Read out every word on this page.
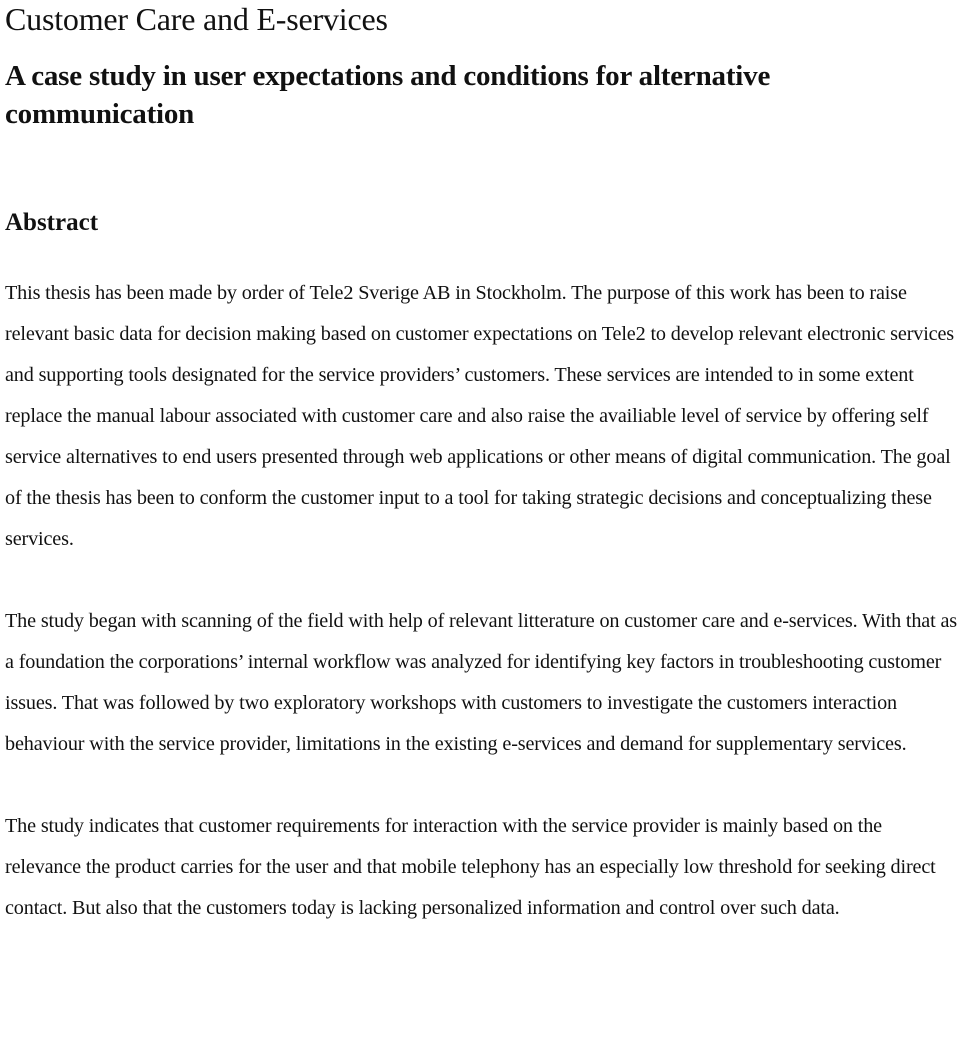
Customer Care and E-services
A case study in user expectations and conditions for alternative communication
Abstract

This thesis has been made by order of Tele2 Sverige AB in Stockholm. The purpose of this work has been to raise relevant basic data for decision making based on customer expectations on Tele2 to develop relevant electronic services and supporting tools designated for the service providers’ customers. These services are intended to in some extent replace the manual labour associated with customer care and also raise the availiable level of service by offering self service alternatives to end users presented through web applications or other means of digital communication. The goal of the thesis has been to conform the customer input to a tool for taking strategic decisions and conceptualizing these services.

The study began with scanning of the field with help of relevant litterature on customer care and e-services. With that as a foundation the corporations’ internal workflow was analyzed for identifying key factors in troubleshooting customer issues. That was followed by two exploratory workshops with customers to investigate the customers interaction behaviour with the service provider, limitations in the existing e-services and demand for supplementary services.

The study indicates that customer requirements for interaction with the service provider is mainly based on the relevance the product carries for the user and that mobile telephony has an especially low threshold for seeking direct contact. But also that the customers today is lacking personalized information and control over such data.
